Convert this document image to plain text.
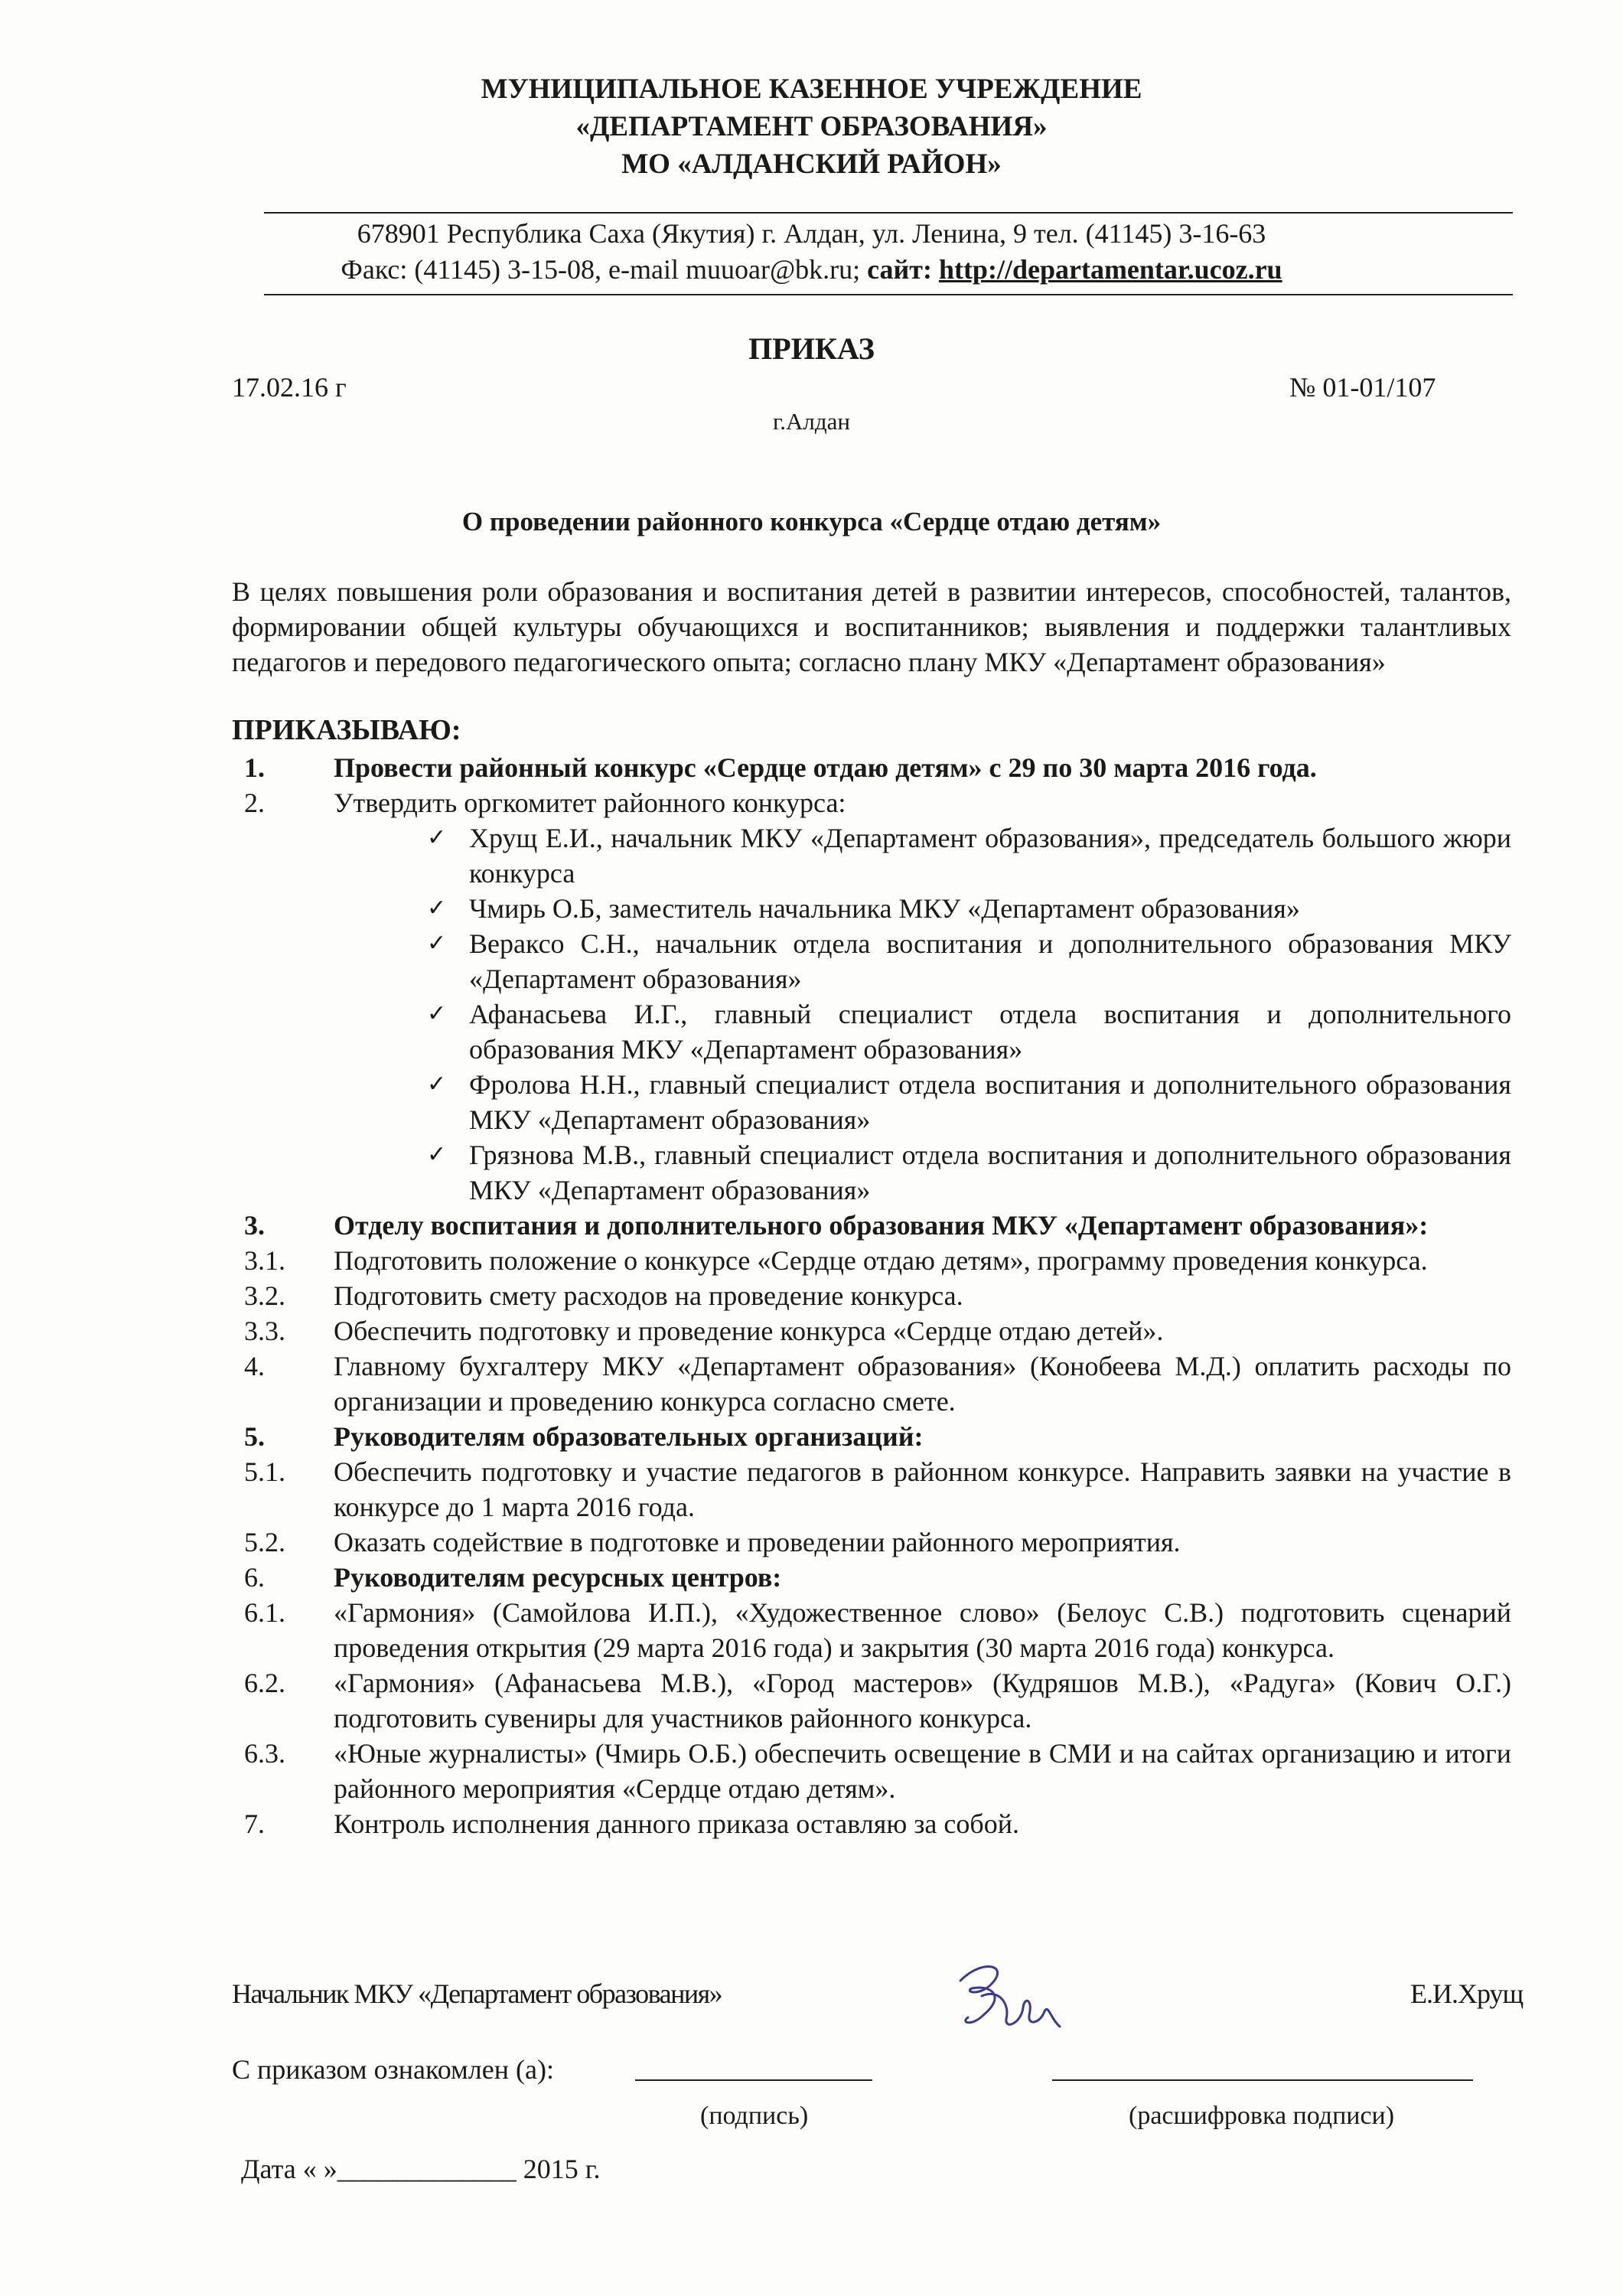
МУНИЦИПАЛЬНОЕ КАЗЕННОЕ УЧРЕЖДЕНИЕ
«ДЕПАРТАМЕНТ ОБРАЗОВАНИЯ»
МО «АЛДАНСКИЙ РАЙОН»
678901 Республика Саха (Якутия) г. Алдан, ул. Ленина, 9 тел. (41145) 3-16-63
Факс: (41145) 3-15-08, e-mail muuoar@bk.ru; сайт: http://departamentar.ucoz.ru
ПРИКАЗ
17.02.16 г	№ 01-01/107
г.Алдан
О проведении районного конкурса «Сердце отдаю детям»

В целях повышения роли образования и воспитания детей в развитии интересов, способностей, талантов, формировании общей культуры обучающихся и воспитанников; выявления и поддержки талантливых педагогов и передового педагогического опыта; согласно плану МКУ «Департамент образования»

ПРИКАЗЫВАЮ:
1.	Провести районный конкурс «Сердце отдаю детям» с 29 по 30 марта 2016 года.
2.	Утвердить оргкомитет районного конкурса:
✓ Хрущ Е.И., начальник МКУ «Департамент образования», председатель большого жюри конкурса
✓ Чмирь О.Б, заместитель начальника МКУ «Департамент образования»
✓ Вераксо С.Н., начальник отдела воспитания и дополнительного образования МКУ «Департамент образования»
✓ Афанасьева И.Г., главный специалист отдела воспитания и дополнительного образования МКУ «Департамент образования»
✓ Фролова Н.Н., главный специалист отдела воспитания и дополнительного образования МКУ «Департамент образования»
✓ Грязнова М.В., главный специалист отдела воспитания и дополнительного образования МКУ «Департамент образования»
3.	Отделу воспитания и дополнительного образования МКУ «Департамент образования»:
3.1.	Подготовить положение о конкурсе «Сердце отдаю детям», программу проведения конкурса.
3.2.	Подготовить смету расходов на проведение конкурса.
3.3.	Обеспечить подготовку и проведение конкурса «Сердце отдаю детей».
4.	Главному бухгалтеру МКУ «Департамент образования» (Конобеева М.Д.) оплатить расходы по организации и проведению конкурса согласно смете.
5.	Руководителям образовательных организаций:
5.1.	Обеспечить подготовку и участие педагогов в районном конкурсе. Направить заявки на участие в конкурсе до 1 марта 2016 года.
5.2.	Оказать содействие в подготовке и проведении районного мероприятия.
6.	Руководителям ресурсных центров:
6.1.	«Гармония» (Самойлова И.П.), «Художественное слово» (Белоус С.В.) подготовить сценарий проведения открытия (29 марта 2016 года) и закрытия (30 марта 2016 года) конкурса.
6.2.	«Гармония» (Афанасьева М.В.), «Город мастеров» (Кудряшов М.В.), «Радуга» (Кович О.Г.) подготовить сувениры для участников районного конкурса.
6.3.	«Юные журналисты» (Чмирь О.Б.) обеспечить освещение в СМИ и на сайтах организацию и итоги районного мероприятия «Сердце отдаю детям».
7.	Контроль исполнения данного приказа оставляю за собой.
Начальник МКУ «Департамент образования»	Е.И.Хрущ
С приказом ознакомлен (а):
(подпись)	(расшифровка подписи)
Дата « »_____________ 2015 г.
